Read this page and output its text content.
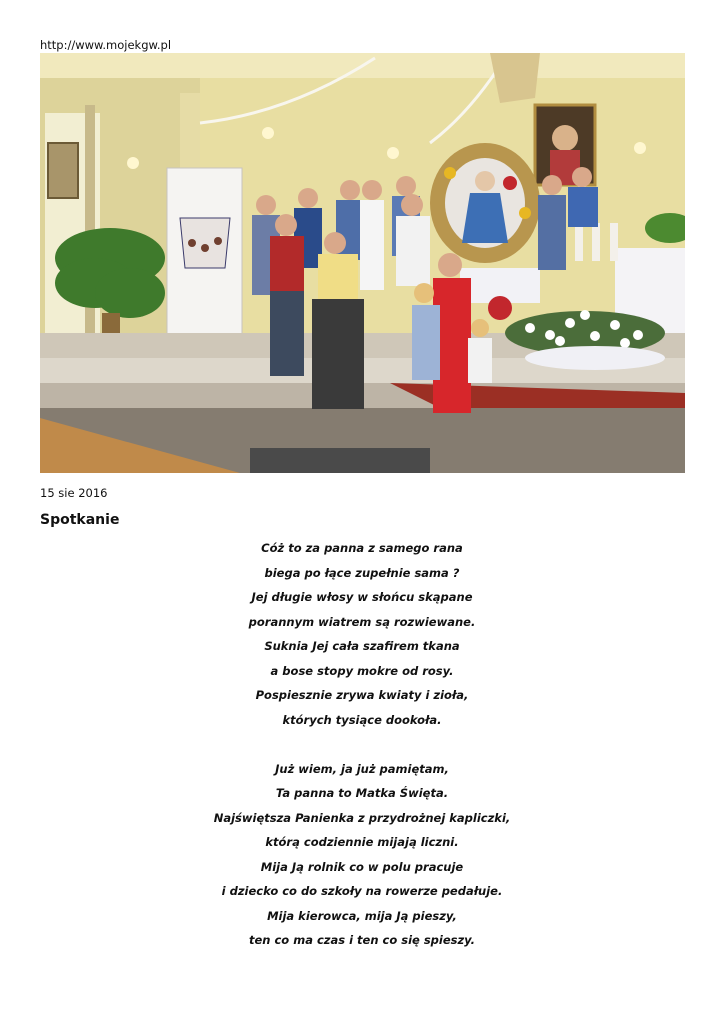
http://www.mojekgw.pl
15 sie 2016
Spotkanie
Cóż to za panna z samego rana
biega po łące zupełnie sama ?
Jej długie włosy w słońcu skąpane
porannym wiatrem są rozwiewane.
Suknia Jej cała szafirem tkana
a bose stopy mokre od rosy.
Pospiesznie zrywa kwiaty i zioła,
których tysiące dookoła.
Już wiem, ja już pamiętam,
Ta panna to Matka Święta.
Najświętsza Panienka z przydrożnej kapliczki,
którą codziennie mijają liczni.
Mija Ją rolnik co w polu pracuje
i dziecko co do szkoły na rowerze pedałuje.
Mija kierowca, mija Ją pieszy,
ten co ma czas i ten co się spieszy.
